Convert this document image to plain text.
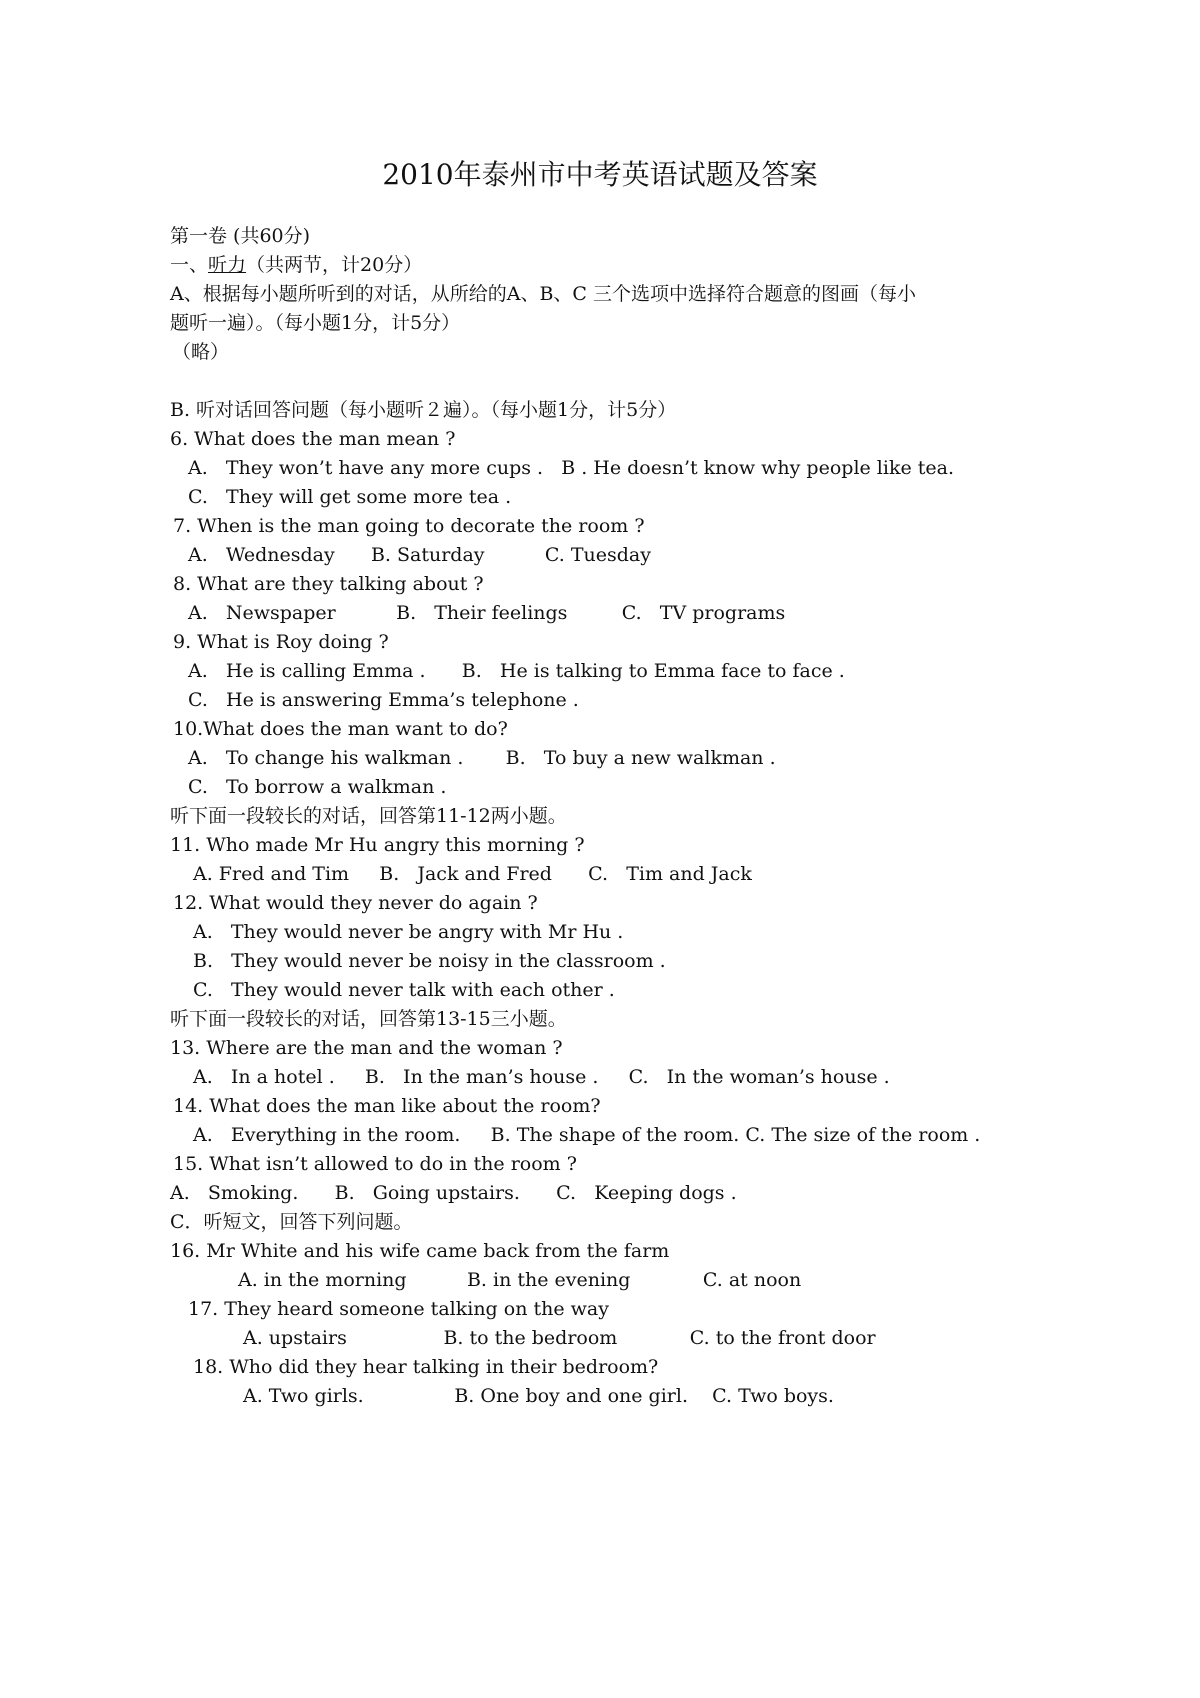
2010年泰州市中考英语试题及答案
第一卷 (共60分)
一、听力（共两节，计20分）
A、根据每小题所听到的对话，从所给的A、B、C 三个选项中选择符合题意的图画（每小
题听一遍）。（每小题1分，计5分）
（略）
B. 听对话回答问题（每小题听２遍）。（每小题1分，计5分）
6. What does the man mean ?
A.   They won’t have any more cups .   B . He doesn’t know why people like tea.
C.   They will get some more tea .
7. When is the man going to decorate the room ?
A.   Wednesday      B. Saturday          C. Tuesday
8. What are they talking about ?
A.   Newspaper          B.   Their feelings         C.   TV programs
9. What is Roy doing ?
A.   He is calling Emma .      B.   He is talking to Emma face to face .
C.   He is answering Emma’s telephone .
10.What does the man want to do?
A.   To change his walkman .       B.   To buy a new walkman .
C.   To borrow a walkman .
听下面一段较长的对话，回答第11-12两小题。
11. Who made Mr Hu angry this morning ?
A. Fred and Tim     B.   Jack and Fred      C.   Tim and Jack
12. What would they never do again ?
A.   They would never be angry with Mr Hu .
B.   They would never be noisy in the classroom .
C.   They would never talk with each other .
听下面一段较长的对话，回答第13-15三小题。
13. Where are the man and the woman ?
A.   In a hotel .     B.   In the man’s house .     C.   In the woman’s house .
14. What does the man like about the room?
A.   Everything in the room.     B. The shape of the room. C. The size of the room .
15. What isn’t allowed to do in the room ?
A.   Smoking.      B.   Going upstairs.      C.   Keeping dogs .
C．听短文，回答下列问题。
16. Mr White and his wife came back from the farm
A. in the morning          B. in the evening            C. at noon
17. They heard someone talking on the way
A. upstairs                B. to the bedroom            C. to the front door
18. Who did they hear talking in their bedroom?
A. Two girls.               B. One boy and one girl.    C. Two boys.
